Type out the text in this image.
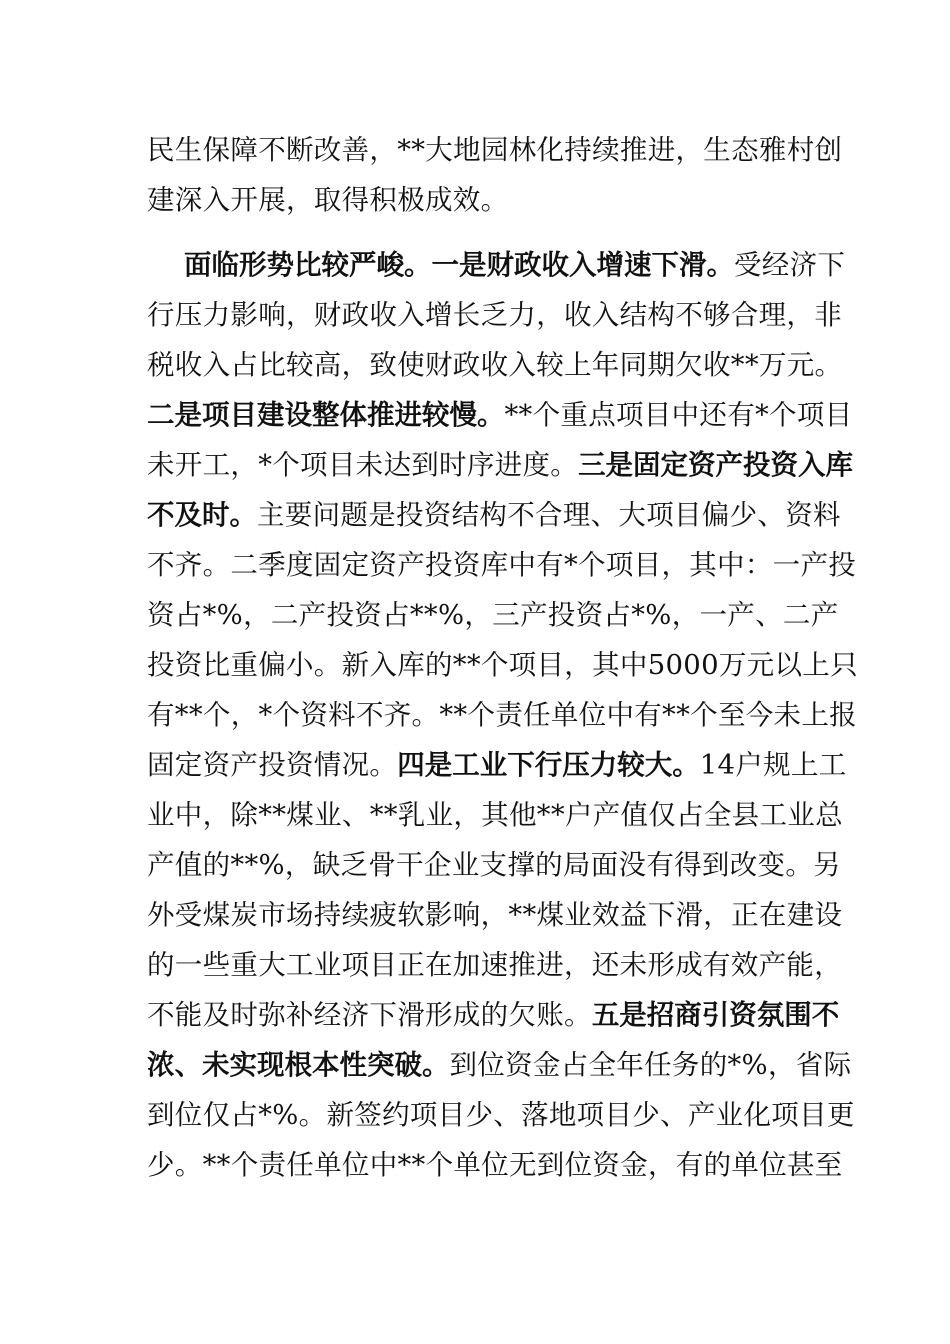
民生保障不断改善，**大地园林化持续推进，生态雅村创
建深入开展，取得积极成效。
面临形势比较严峻。一是财政收入增速下滑。受经济下
行压力影响，财政收入增长乏力，收入结构不够合理，非
税收入占比较高，致使财政收入较上年同期欠收**万元。
二是项目建设整体推进较慢。**个重点项目中还有*个项目
未开工，*个项目未达到时序进度。三是固定资产投资入库
不及时。主要问题是投资结构不合理、大项目偏少、资料
不齐。二季度固定资产投资库中有*个项目，其中：一产投
资占*%，二产投资占**%，三产投资占*%，一产、二产
投资比重偏小。新入库的**个项目，其中5000万元以上只
有**个，*个资料不齐。**个责任单位中有**个至今未上报
固定资产投资情况。四是工业下行压力较大。14户规上工
业中，除**煤业、**乳业，其他**户产值仅占全县工业总
产值的**%，缺乏骨干企业支撑的局面没有得到改变。另
外受煤炭市场持续疲软影响，**煤业效益下滑，正在建设
的一些重大工业项目正在加速推进，还未形成有效产能，
不能及时弥补经济下滑形成的欠账。五是招商引资氛围不
浓、未实现根本性突破。到位资金占全年任务的*%，省际
到位仅占*%。新签约项目少、落地项目少、产业化项目更
少。**个责任单位中**个单位无到位资金，有的单位甚至
